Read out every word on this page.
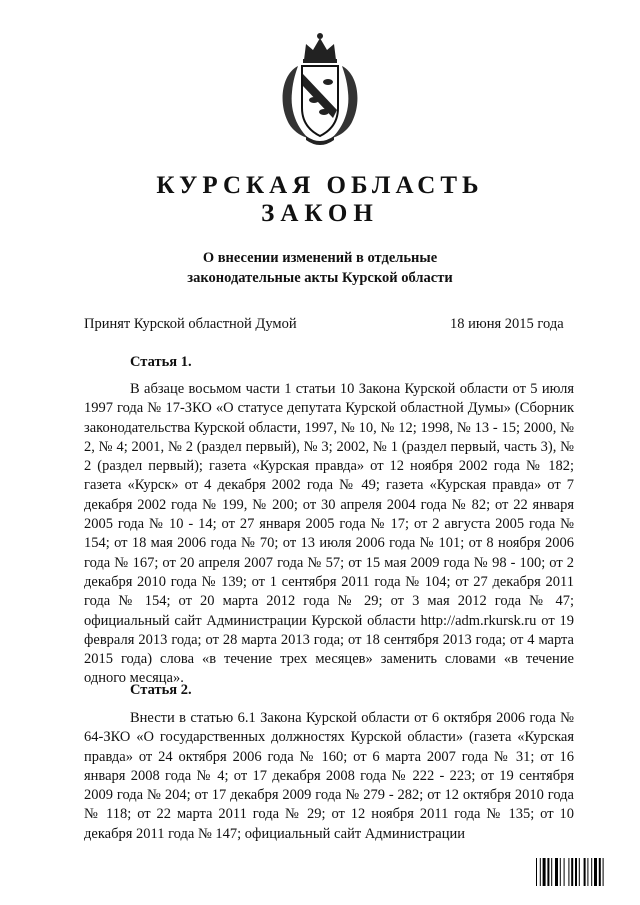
КУРСКАЯ ОБЛАСТЬ
ЗАКОН
О внесении изменений в отдельные
законодательные акты Курской области
Принят Курской областной Думой	18 июня 2015 года
Статья 1.

В абзаце восьмом части 1 статьи 10 Закона Курской области от 5 июля 1997 года № 17-ЗКО «О статусе депутата Курской областной Думы» (Сборник законодательства Курской области, 1997, № 10, № 12; 1998, № 13 - 15; 2000, № 2, № 4; 2001, № 2 (раздел первый), № 3; 2002, № 1 (раздел первый, часть 3), № 2 (раздел первый); газета «Курская правда» от 12 ноября 2002 года № 182; газета «Курск» от 4 декабря 2002 года № 49; газета «Курская правда» от 7 декабря 2002 года № 199, № 200; от 30 апреля 2004 года № 82; от 22 января 2005 года № 10 - 14; от 27 января 2005 года № 17; от 2 августа 2005 года № 154; от 18 мая 2006 года № 70; от 13 июля 2006 года № 101; от 8 ноября 2006 года № 167; от 20 апреля 2007 года № 57; от 15 мая 2009 года № 98 - 100; от 2 декабря 2010 года № 139; от 1 сентября 2011 года № 104; от 27 декабря 2011 года № 154; от 20 марта 2012 года № 29; от 3 мая 2012 года № 47; официальный сайт Администрации Курской области http://adm.rkursk.ru от 19 февраля 2013 года; от 28 марта 2013 года; от 18 сентября 2013 года; от 4 марта 2015 года) слова «в течение трех месяцев» заменить словами «в течение одного месяца».

Статья 2.

Внести в статью 6.1 Закона Курской области от 6 октября 2006 года № 64-ЗКО «О государственных должностях Курской области» (газета «Курская правда» от 24 октября 2006 года № 160; от 6 марта 2007 года № 31; от 16 января 2008 года № 4; от 17 декабря 2008 года № 222 - 223; от 19 сентября 2009 года № 204; от 17 декабря 2009 года № 279 - 282; от 12 октября 2010 года № 118; от 22 марта 2011 года № 29; от 12 ноября 2011 года № 135; от 10 декабря 2011 года № 147; официальный сайт Администрации
